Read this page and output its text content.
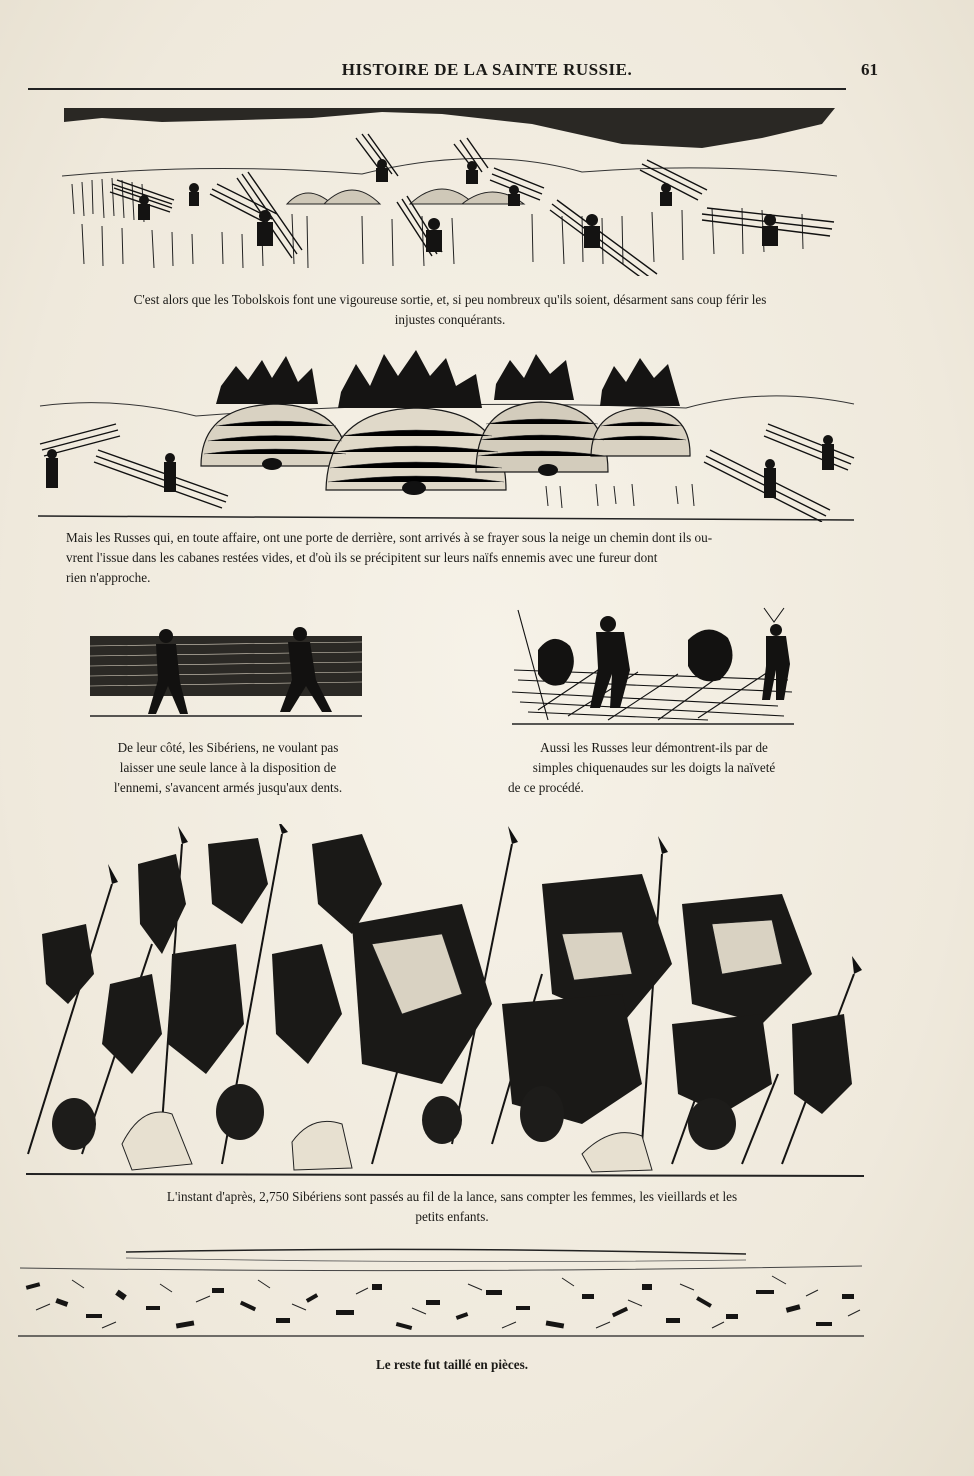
HISTOIRE DE LA SAINTE RUSSIE.	61
C'est alors que les Tobolskois font une vigoureuse sortie, et, si peu nombreux qu'ils soient, désarment sans coup férir les
injustes conquérants.
Mais les Russes qui, en toute affaire, ont une porte de derrière, sont arrivés à se frayer sous la neige un chemin dont ils ou-
vrent l'issue dans les cabanes restées vides, et d'où ils se précipitent sur leurs naïfs ennemis avec une fureur dont
rien n'approche.
De leur côté, les Sibériens, ne voulant pas
laisser une seule lance à la disposition de
l'ennemi, s'avancent armés jusqu'aux dents.
Aussi les Russes leur démontrent-ils par de
simples chiquenaudes sur les doigts la naïveté
de ce procédé.
L'instant d'après, 2,750 Sibériens sont passés au fil de la lance, sans compter les femmes, les vieillards et les
petits enfants.
Le reste fut taillé en pièces.
